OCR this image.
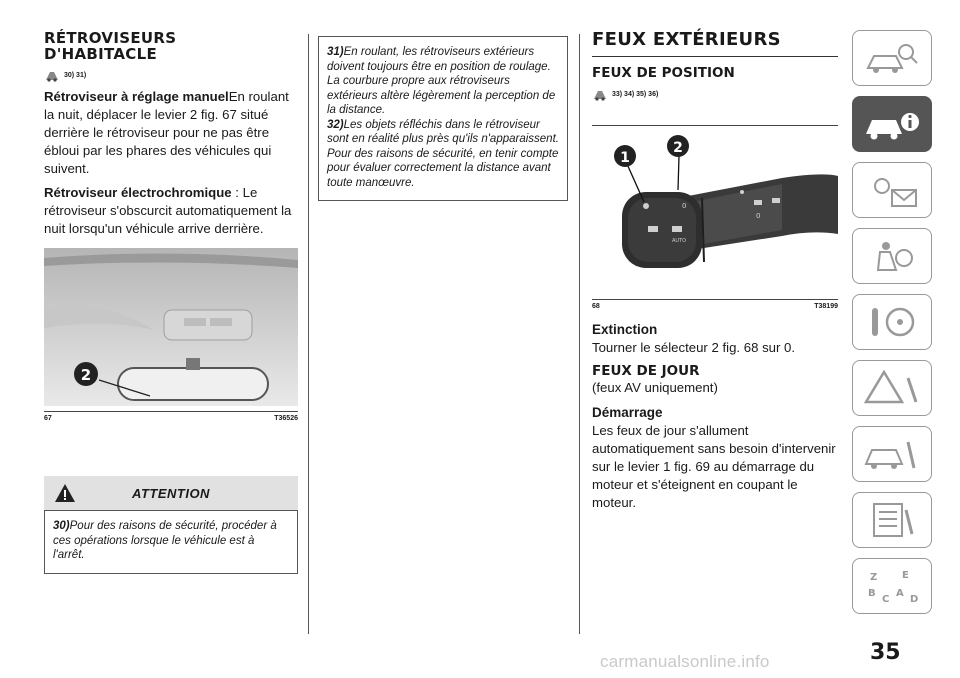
RÉTROVISEURS
D'HABITACLE
30) 31)

Rétroviseur à réglage manuelEn roulant la nuit, déplacer le levier 2 fig. 67 situé derrière le rétroviseur pour ne pas être ébloui par les phares des véhicules qui suivent.

Rétroviseur électrochromique : Le rétroviseur s'obscurcit automatiquement la nuit lorsqu'un véhicule arrive derrière.

2
67	T36526
ATTENTION

30)Pour des raisons de sécurité, procéder à ces opérations lorsque le véhicule est à l'arrêt.

31)En roulant, les rétroviseurs extérieurs doivent toujours être en position de roulage. La courbure propre aux rétroviseurs extérieurs altère légèrement la perception de la distance.

32)Les objets réfléchis dans le rétroviseur sont en réalité plus près qu'ils n'apparaissent. Pour des raisons de sécurité, en tenir compte pour évaluer correctement la distance avant toute manœuvre.

FEUX EXTÉRIEURS
FEUX DE POSITION
33) 34) 35) 36)
0
AUTO
0
1
2
68	T38199
Extinction

Tourner le sélecteur 2 fig. 68 sur 0.

FEUX DE JOUR

(feux AV uniquement)

Démarrage

Les feux de jour s'allument automatiquement sans besoin d'intervenir sur le levier 1 fig. 69 au démarrage du moteur et s'éteignent en coupant le moteur.

Z E
B
C
A
D
35
carmanualsonline.info
